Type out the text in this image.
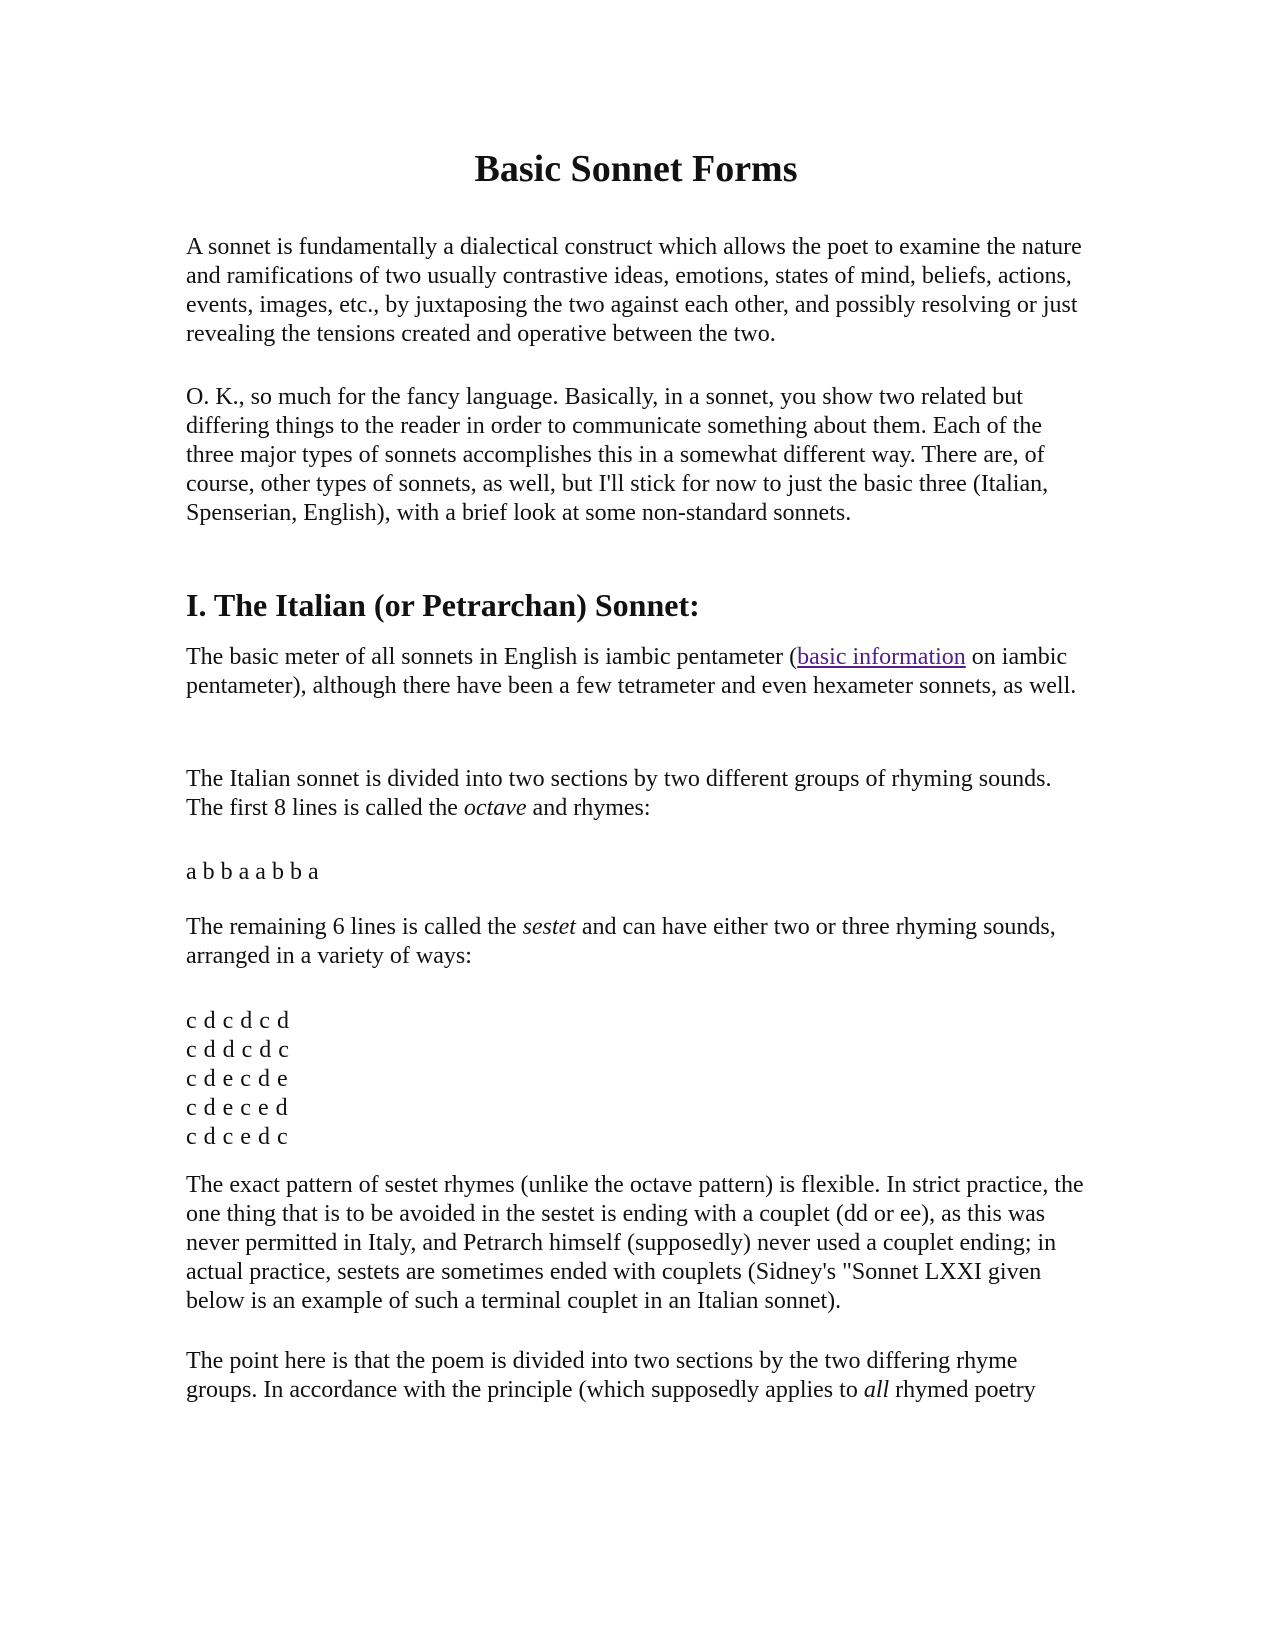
Basic Sonnet Forms

A sonnet is fundamentally a dialectical construct which allows the poet to examine the nature and ramifications of two usually contrastive ideas, emotions, states of mind, beliefs, actions, events, images, etc., by juxtaposing the two against each other, and possibly resolving or just revealing the tensions created and operative between the two.

O. K., so much for the fancy language. Basically, in a sonnet, you show two related but differing things to the reader in order to communicate something about them. Each of the three major types of sonnets accomplishes this in a somewhat different way. There are, of course, other types of sonnets, as well, but I'll stick for now to just the basic three (Italian, Spenserian, English), with a brief look at some non-standard sonnets.

I. The Italian (or Petrarchan) Sonnet:

The basic meter of all sonnets in English is iambic pentameter (basic information on iambic pentameter), although there have been a few tetrameter and even hexameter sonnets, as well.

The Italian sonnet is divided into two sections by two different groups of rhyming sounds. The first 8 lines is called the octave and rhymes:

a b b a a b b a

The remaining 6 lines is called the sestet and can have either two or three rhyming sounds, arranged in a variety of ways:

c d c d c d
c d d c d c
c d e c d e
c d e c e d
c d c e d c

The exact pattern of sestet rhymes (unlike the octave pattern) is flexible. In strict practice, the one thing that is to be avoided in the sestet is ending with a couplet (dd or ee), as this was never permitted in Italy, and Petrarch himself (supposedly) never used a couplet ending; in actual practice, sestets are sometimes ended with couplets (Sidney's "Sonnet LXXI given below is an example of such a terminal couplet in an Italian sonnet).

The point here is that the poem is divided into two sections by the two differing rhyme groups. In accordance with the principle (which supposedly applies to all rhymed poetry
